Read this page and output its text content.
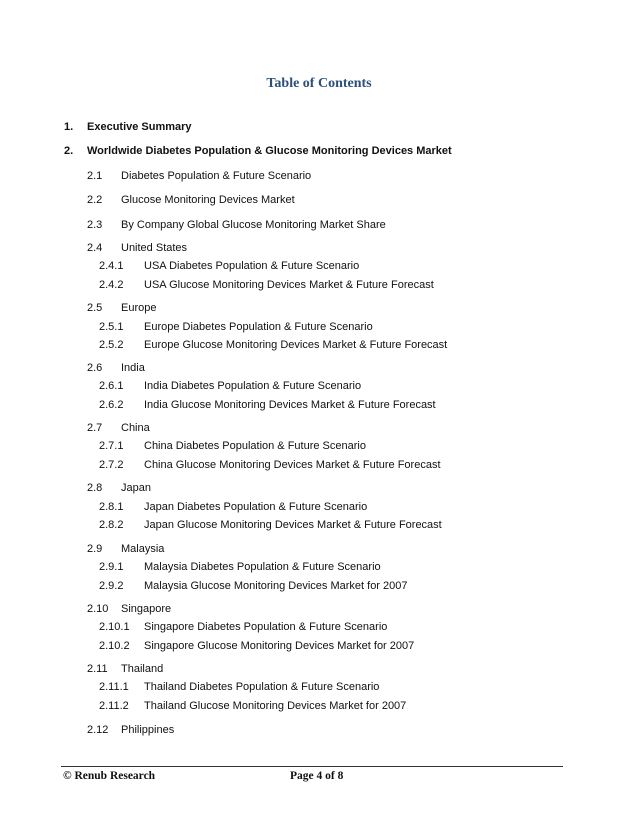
Table of Contents
1. Executive Summary
2. Worldwide Diabetes Population & Glucose Monitoring Devices Market
2.1 Diabetes Population & Future Scenario
2.2 Glucose Monitoring Devices Market
2.3 By Company Global Glucose Monitoring Market Share
2.4 United States
2.4.1 USA Diabetes Population & Future Scenario
2.4.2 USA Glucose Monitoring Devices Market & Future Forecast
2.5 Europe
2.5.1 Europe Diabetes Population & Future Scenario
2.5.2 Europe Glucose Monitoring Devices Market & Future Forecast
2.6 India
2.6.1 India Diabetes Population & Future Scenario
2.6.2 India Glucose Monitoring Devices Market & Future Forecast
2.7 China
2.7.1 China Diabetes Population & Future Scenario
2.7.2 China Glucose Monitoring Devices Market & Future Forecast
2.8 Japan
2.8.1 Japan Diabetes Population & Future Scenario
2.8.2 Japan Glucose Monitoring Devices Market & Future Forecast
2.9 Malaysia
2.9.1 Malaysia Diabetes Population & Future Scenario
2.9.2 Malaysia Glucose Monitoring Devices Market for 2007
2.10 Singapore
2.10.1 Singapore Diabetes Population & Future Scenario
2.10.2 Singapore Glucose Monitoring Devices Market for 2007
2.11 Thailand
2.11.1 Thailand Diabetes Population & Future Scenario
2.11.2 Thailand Glucose Monitoring Devices Market for 2007
2.12 Philippines
© Renub Research	Page 4 of 8
